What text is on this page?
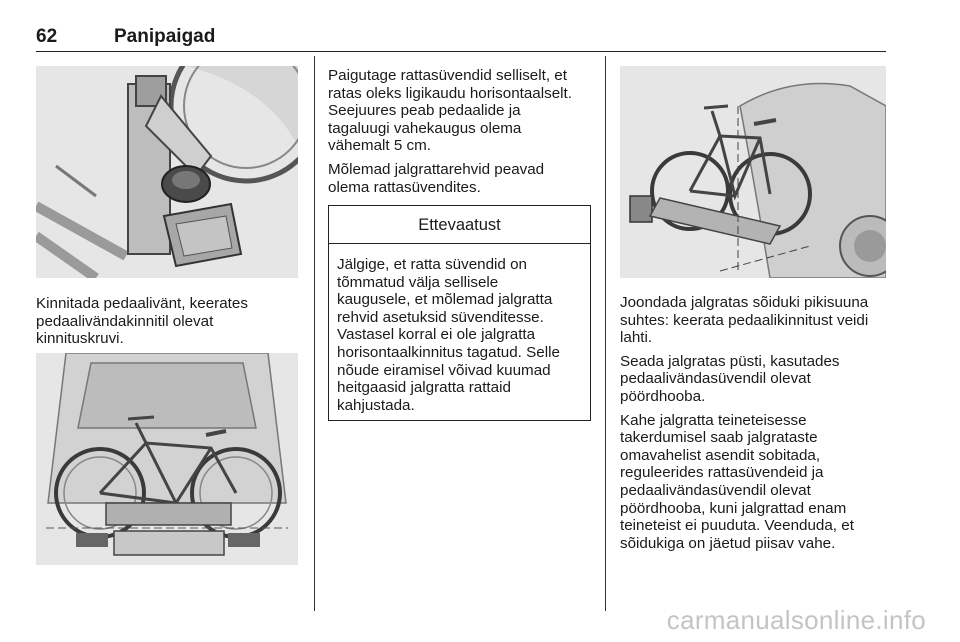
62	Panipaigad

Kinnitada pedaalivänt, keerates
pedaalivändakinnitil olevat
kinnituskruvi.

Paigutage rattasüvendid selliselt, et
ratas oleks ligikaudu horisontaalselt.
Seejuures peab pedaalide ja
tagaluugi vahekaugus olema
vähemalt 5 cm.

Mõlemad jalgrattarehvid peavad
olema rattasüvendites.

Ettevaatust
Jälgige, et ratta süvendid on
tõmmatud välja sellisele
kaugusele, et mõlemad jalgratta
rehvid asetuksid süvenditesse.
Vastasel korral ei ole jalgratta
horisontaalkinnitus tagatud. Selle
nõude eiramisel võivad kuumad
heitgaasid jalgratta rattaid
kahjustada.

Joondada jalgratas sõiduki pikisuuna
suhtes: keerata pedaalikinnitust veidi
lahti.

Seada jalgratas püsti, kasutades
pedaalivändasüvendil olevat
pöördhooba.

Kahe jalgratta teineteisesse
takerdumisel saab jalgrataste
omavahelist asendit sobitada,
reguleerides rattasüvendeid ja
pedaalivändasüvendil olevat
pöördhooba, kuni jalgrattad enam
teineteist ei puuduta. Veenduda, et
sõidukiga on jäetud piisav vahe.

carmanualsonline.info
